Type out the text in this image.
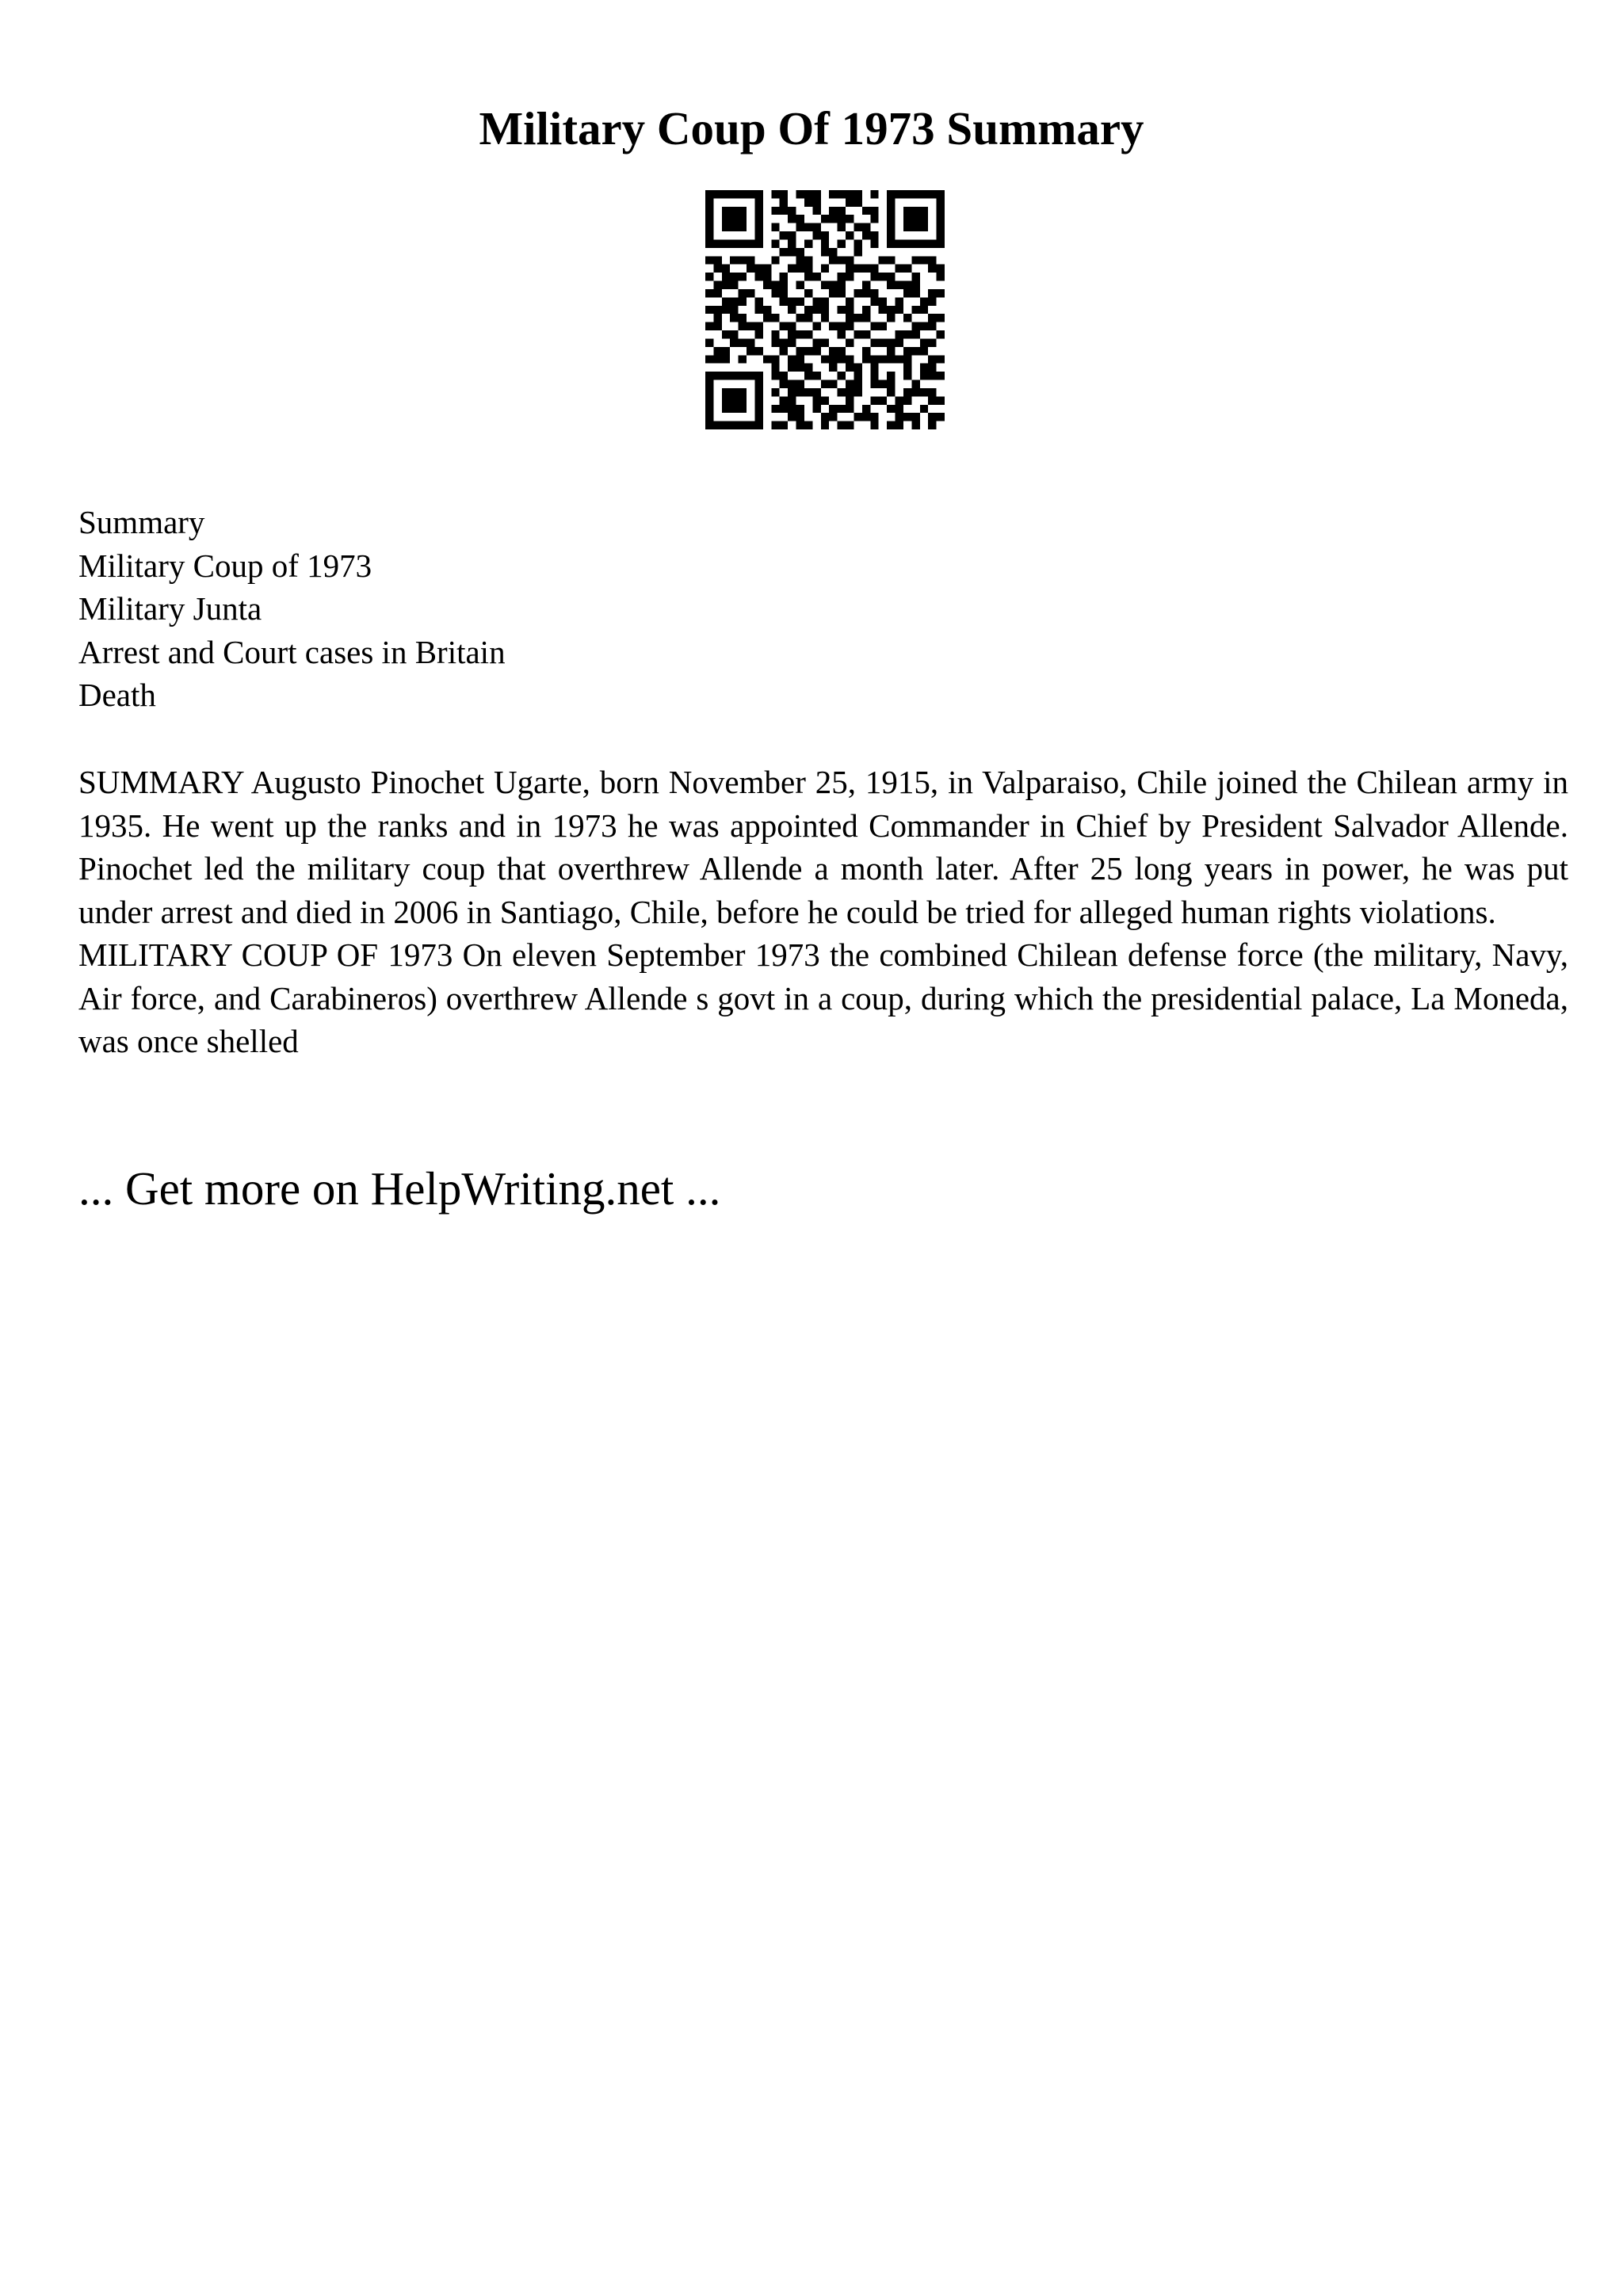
Military Coup Of 1973 Summary
Summary
Military Coup of 1973
Military Junta
Arrest and Court cases in Britain
Death

SUMMARY Augusto Pinochet Ugarte, born November 25, 1915, in Valparaiso, Chile joined the Chilean army in 1935. He went up the ranks and in 1973 he was appointed Commander in Chief by President Salvador Allende. Pinochet led the military coup that overthrew Allende a month later. After 25 long years in power, he was put under arrest and died in 2006 in Santiago, Chile, before he could be tried for alleged human rights violations.

MILITARY COUP OF 1973 On eleven September 1973 the combined Chilean defense force (the military, Navy, Air force, and Carabineros) overthrew Allende s govt in a coup, during which the presidential palace, La Moneda, was once shelled

... Get more on HelpWriting.net ...
